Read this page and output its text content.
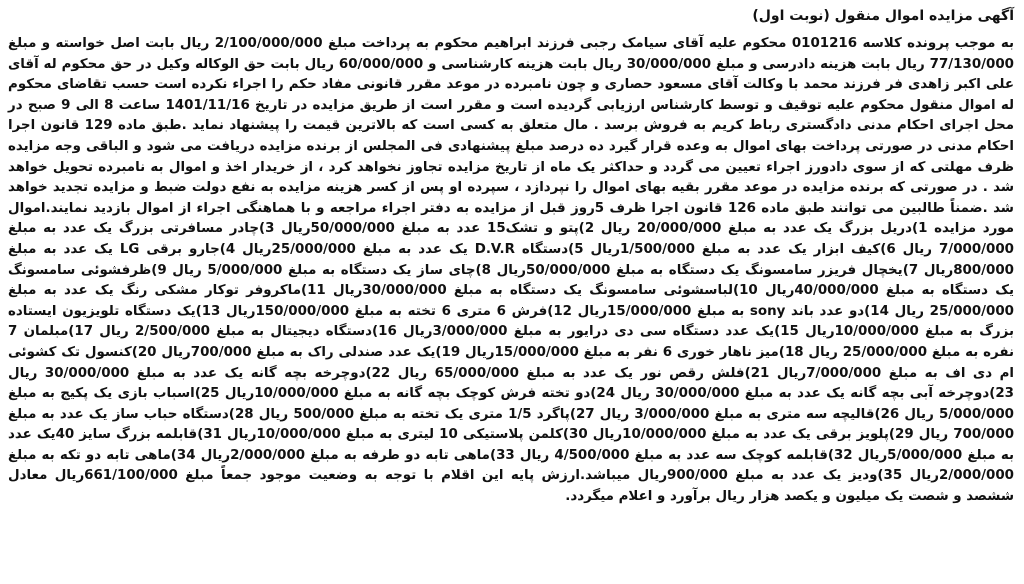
آگهی مزایده اموال منقول (نوبت اول)
به موجب پرونده کلاسه 0101216 محکوم علیه آقای سیامک رجبی فرزند ابراهیم محکوم به پرداخت مبلغ 2/100/000/000 ریال بابت اصل خواسته و مبلغ 77/130/000 ریال بابت هزینه دادرسی و مبلغ 30/000/000 ریال بابت هزینه کارشناسی و 60/000/000 ریال بابت حق الوکاله وکیل در حق محکوم له آقای علی اکبر زاهدی فر فرزند محمد با وکالت آقای مسعود حصاری و چون نامبرده در موعد مقرر قانونی مفاد حکم را اجراء نکرده است حسب تقاضای محکوم له اموال منقول محکوم علیه توقیف و توسط کارشناس ارزیابی گردیده است و مقرر است از طریق مزایده در تاریخ 1401/11/16 ساعت 8 الی 9 صبح در محل اجرای احکام مدنی دادگستری رباط کریم به فروش برسد . مال متعلق به کسی است که بالاترین قیمت را پیشنهاد نماید .طبق ماده 129 قانون اجرا احکام مدنی در صورتی پرداخت بهای اموال به وعده قرار گیرد ده درصد مبلغ پیشنهادی فی المجلس از برنده مزایده دریافت می شود و الباقی وجه مزایده ظرف مهلتی که از سوی دادورز اجراء تعیین می گردد و حداکثر یک ماه از تاریخ مزایده تجاوز نخواهد کرد ، از خریدار اخذ و اموال به نامبرده تحویل خواهد شد . در صورتی که برنده مزایده در موعد مقرر بقیه بهای اموال را نپردازد ، سپرده او پس از کسر هزینه مزایده به نفع دولت ضبط و مزایده تجدید خواهد شد .ضمناً طالبین می توانند طبق ماده 126 قانون اجرا ظرف 5روز قبل از مزایده به دفتر اجراء مراجعه و با هماهنگی اجراء از اموال بازدید نمایند.اموال مورد مزایده 1)دریل بزرگ یک عدد به مبلغ 20/000/000 ریال 2)پتو و تشک15 عدد به مبلغ 50/000/000ریال 3)چادر مسافرتی بزرگ یک عدد به مبلغ 7/000/000 ریال 6)کیف ابزار یک عدد به مبلغ 1/500/000ریال 5)دستگاه D.V.R یک عدد به مبلغ 25/000/000ریال 4)جارو برقی LG یک عدد به مبلغ 800/000ریال 7)یخچال فریزر سامسونگ یک دستگاه به مبلغ 50/000/000ریال 8)چای ساز یک دستگاه به مبلغ 5/000/000 ریال 9)ظرفشوئی سامسونگ یک دستگاه به مبلغ 40/000/000ریال 10)لباسشوئی سامسونگ یک دستگاه به مبلغ 30/000/000ریال 11)ماکروفر توکار مشکی رنگ یک عدد به مبلغ 25/000/000 ریال 14)دو عدد باند sony به مبلغ 15/000/000ریال 12)فرش 6 متری 6 تخته به مبلغ 150/000/000ریال 13)یک دستگاه تلویزیون ایستاده بزرگ به مبلغ 10/000/000ریال 15)یک عدد دستگاه سی دی درایور به مبلغ 3/000/000ریال 16)دستگاه دیجیتال به مبلغ 2/500/000 ریال 17)مبلمان 7 نفره به مبلغ 25/000/000 ریال 18)میز ناهار خوری 6 نفر به مبلغ 15/000/000ریال 19)یک عدد صندلی راک به مبلغ 700/000ریال 20)کنسول تک کشوئی ام دی اف به مبلغ 7/000/000ریال 21)فلش رقص نور یک عدد به مبلغ 65/000/000 ریال 22)دوچرخه بچه گانه یک عدد به مبلغ 30/000/000 ریال 23)دوچرخه آبی بچه گانه یک عدد به مبلغ 30/000/000 ریال 24)دو تخته فرش کوچک بچه گانه به مبلغ 10/000/000ریال 25)اسباب بازی یک پکیج به مبلغ 5/000/000 ریال 26)قالیچه سه متری به مبلغ 3/000/000 ریال 27)پاگرد 1/5 متری یک تخته به مبلغ 500/000 ریال 28)دستگاه حباب ساز یک عدد به مبلغ 700/000 ریال 29)پلویز برقی یک عدد به مبلغ 10/000/000ریال 30)کلمن پلاستیکی 10 لیتری به مبلغ 10/000/000ریال 31)قابلمه بزرگ سایز 40یک عدد به مبلغ 5/000/000ریال 32)قابلمه کوچک سه عدد به مبلغ 4/500/000 ریال 33)ماهی تابه دو طرفه به مبلغ 2/000/000ریال 34)ماهی تابه دو تکه به مبلغ 2/000/000ریال 35)ودیز یک عدد به مبلغ 900/000ریال میباشد.ارزش پایه این اقلام با توجه به وضعیت موجود جمعاً مبلغ 661/100/000ریال معادل ششصد و شصت یک میلیون و یکصد هزار ریال برآورد و اعلام میگردد.
